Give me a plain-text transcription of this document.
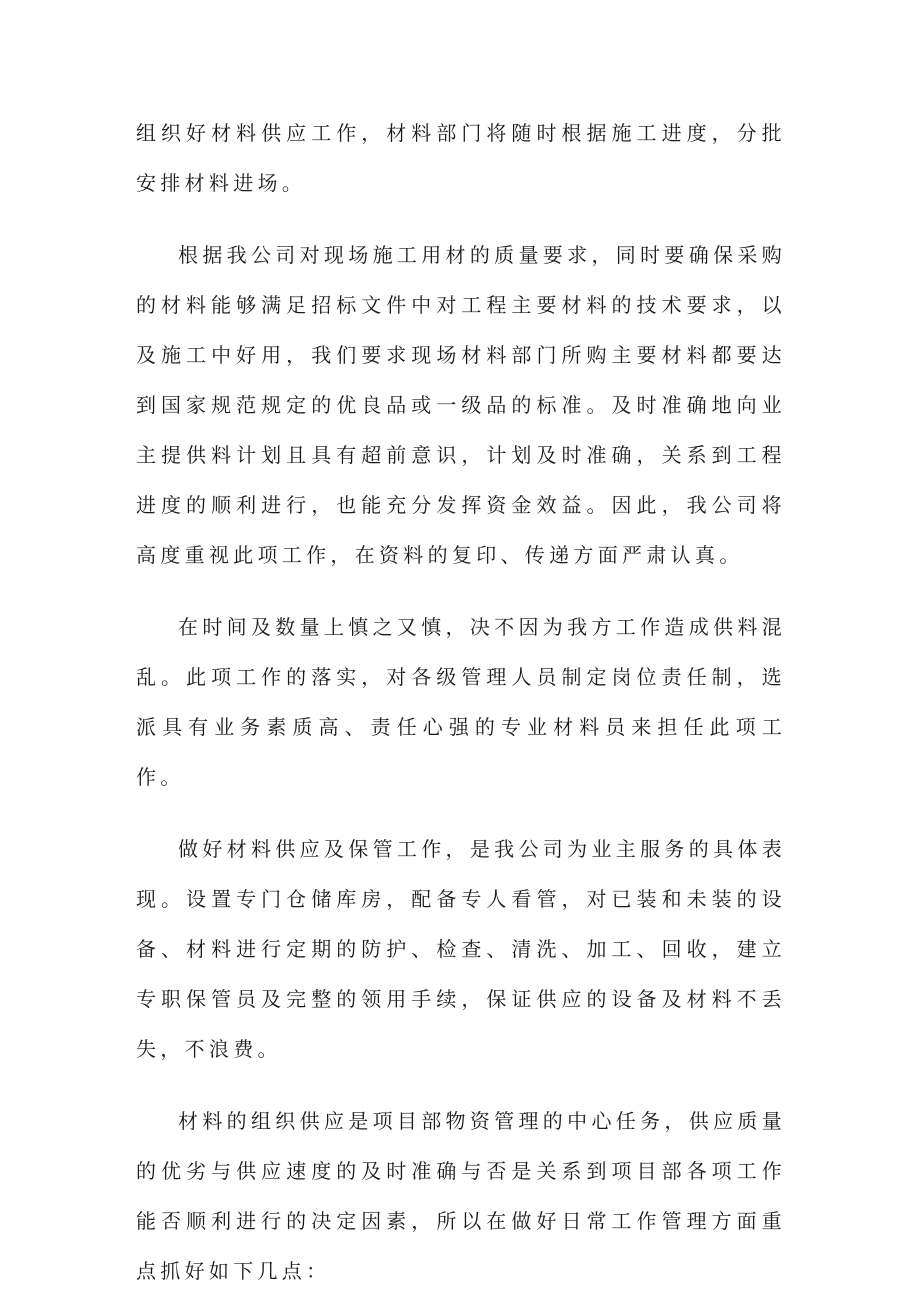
组织好材料供应工作，材料部门将随时根据施工进度，分批安排材料进场。

根据我公司对现场施工用材的质量要求，同时要确保采购的材料能够满足招标文件中对工程主要材料的技术要求，以及施工中好用，我们要求现场材料部门所购主要材料都要达到国家规范规定的优良品或一级品的标准。及时准确地向业主提供料计划且具有超前意识，计划及时准确，关系到工程进度的顺利进行，也能充分发挥资金效益。因此，我公司将高度重视此项工作，在资料的复印、传递方面严肃认真。

在时间及数量上慎之又慎，决不因为我方工作造成供料混乱。此项工作的落实，对各级管理人员制定岗位责任制，选派具有业务素质高、责任心强的专业材料员来担任此项工作。

做好材料供应及保管工作，是我公司为业主服务的具体表现。设置专门仓储库房，配备专人看管，对已装和未装的设备、材料进行定期的防护、检查、清洗、加工、回收，建立专职保管员及完整的领用手续，保证供应的设备及材料不丢失，不浪费。

材料的组织供应是项目部物资管理的中心任务，供应质量的优劣与供应速度的及时准确与否是关系到项目部各项工作能否顺利进行的决定因素，所以在做好日常工作管理方面重点抓好如下几点：
